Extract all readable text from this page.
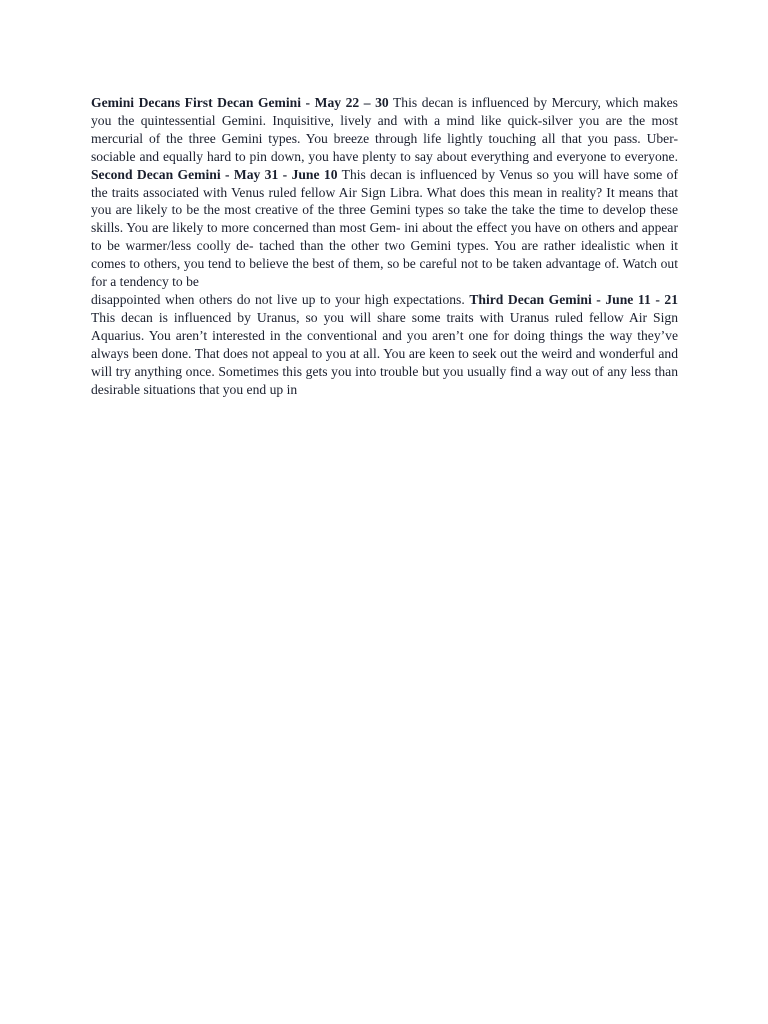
Gemini Decans First Decan Gemini - May 22 – 30 This decan is influenced by Mercury, which makes you the quintessential Gemini. Inquisitive, lively and with a mind like quick-silver you are the most mercurial of the three Gemini types. You breeze through life lightly touching all that you pass. Uber- sociable and equally hard to pin down, you have plenty to say about everything and everyone to everyone. Second Decan Gemini - May 31 - June 10 This decan is influenced by Venus so you will have some of the traits associated with Venus ruled fellow Air Sign Libra. What does this mean in reality? It means that you are likely to be the most creative of the three Gemini types so take the take the time to develop these skills. You are likely to more concerned than most Gem- ini about the effect you have on others and appear to be warmer/less coolly de- tached than the other two Gemini types. You are rather idealistic when it comes to others, you tend to believe the best of them, so be careful not to be taken advantage of. Watch out for a tendency to be

disappointed when others do not live up to your high expectations. Third Decan Gemini - June 11 - 21 This decan is influenced by Uranus, so you will share some traits with Uranus ruled fellow Air Sign Aquarius. You aren’t interested in the conventional and you aren’t one for doing things the way they’ve always been done. That does not appeal to you at all. You are keen to seek out the weird and wonderful and will try anything once. Sometimes this gets you into trouble but you usually find a way out of any less than desirable situations that you end up in
